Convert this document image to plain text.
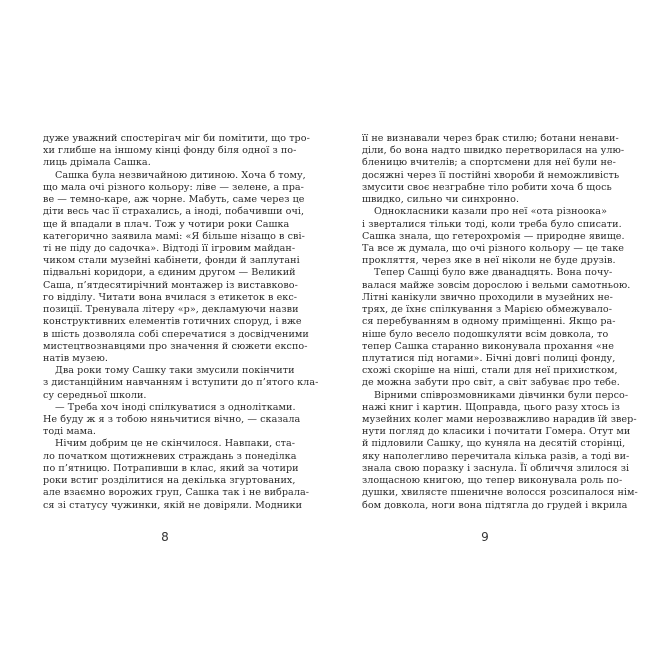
дуже уважний спостерігач міг би помітити, що тро-
хи глибше на іншому кінці фонду біля одної з по-
лиць дрімала Сашка.
Сашка була незвичайною дитиною. Хоча б тому,
що мала очі різного кольору: ліве — зелене, а пра-
ве — темно-каре, аж чорне. Мабуть, саме через це
діти весь час її страхались, а іноді, побачивши очі,
ще й впадали в плач. Тож у чотири роки Сашка
категорично заявила мамі: «Я більше нізащо в сві-
ті не піду до садочка». Відтоді її ігровим майдан-
чиком стали музейні кабінети, фонди й заплутані
підвальні коридори, а єдиним другом — Великий
Саша, п’ятдесятирічний монтажер із виставково-
го відділу. Читати вона вчилася з етикеток в екс-
позиції. Тренувала літеру «р», декламуючи назви
конструктивних елементів готичних споруд, і вже
в шість дозволяла собі сперечатися з досвідченими
мистецтвознавцями про значення й сюжети експо-
натів музею.
Два роки тому Сашку таки змусили покінчити
з дистанційним навчанням і вступити до п’ятого кла-
су середньої школи.
— Треба хоч іноді спілкуватися з однолітками.
Не буду ж я з тобою няньчитися вічно, — сказала
тоді мама.
Нічим добрим це не скінчилося. Навпаки, ста-
ло початком щотижневих страждань з понеділка
по п’ятницю. Потрапивши в клас, який за чотири
роки встиг розділитися на декілька згуртованих,
але взаємно ворожих груп, Сашка так і не вибрала-
ся зі статусу чужинки, якій не довіряли. Модники
8
її не визнавали через брак стилю; ботани ненави-
діли, бо вона надто швидко перетворилася на улю-
бленицю вчителів; а спортсмени для неї були не-
досяжні через її постійні хвороби й неможливість
змусити своє незграбне тіло робити хоча б щось
швидко, сильно чи синхронно.
Однокласники казали про неї «ота різноока»
і зверталися тільки тоді, коли треба було списати.
Сашка знала, що гетерохромія — природне явище.
Та все ж думала, що очі різного кольору — це таке
прокляття, через яке в неї ніколи не буде друзів.
Тепер Сашці було вже дванадцять. Вона почу-
валася майже зовсім дорослою і вельми самотньою.
Літні канікули звично проходили в музейних не-
трях, де їхнє спілкування з Марією обмежувало-
ся перебуванням в одному приміщенні. Якщо ра-
ніше було весело подошкуляти всім довкола, то
тепер Сашка старанно виконувала прохання «не
плутатися під ногами». Бічні довгі полиці фонду,
схожі скоріше на ніші, стали для неї прихистком,
де можна забути про світ, а світ забуває про тебе.
Вірними співрозмовниками дівчинки були персо-
нажі книг і картин. Щоправда, цього разу хтось із
музейних колег мами нерозважливо нарадив їй звер-
нути погляд до класики і почитати Гомера. Отут ми
й підловили Сашку, що куняла на десятій сторінці,
яку наполегливо перечитала кілька разів, а тоді ви-
знала свою поразку і заснула. Її обличчя злилося зі
злощасною книгою, що тепер виконувала роль по-
душки, хвилясте пшеничне волосся розсипалося нім-
бом довкола, ноги вона підтягла до грудей і вкрила
9
